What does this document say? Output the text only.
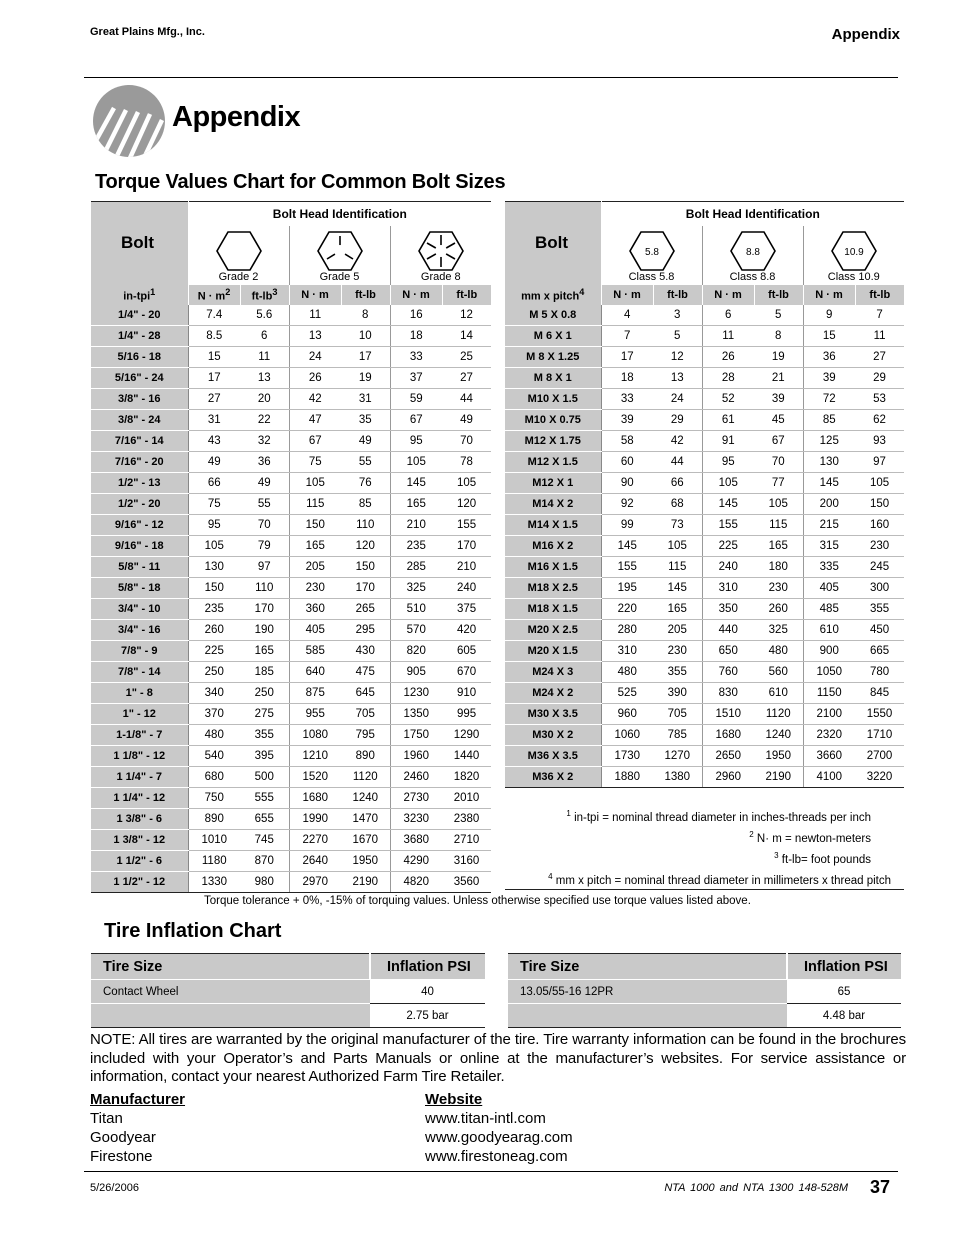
Great Plains Mfg., Inc.	Appendix
Appendix
Torque Values Chart for Common Bolt Sizes
Bolt	Bolt Head Identification					

	Grade 2		Grade 5		Grade 8	

in-tpi$^1$	$N \cdot m^2$	$ft-lb^3$	N · m	ft-lb	N · m	ft-lb
1/4" - 20	7.4	5.6	11	8	16	12
1/4" - 28	8.5	6	13	10	18	14
5/16 - 18	15	11	24	17	33	25
5/16" - 24	17	13	26	19	37	27
3/8" - 16	27	20	42	31	59	44
3/8" - 24	31	22	47	35	67	49
7/16" - 14	43	32	67	49	95	70
7/16" - 20	49	36	75	55	105	78
1/2" - 13	66	49	105	76	145	105
1/2" - 20	75	55	115	85	165	120
9/16" - 12	95	70	150	110	210	155
9/16" - 18	105	79	165	120	235	170
5/8" - 11	130	97	205	150	285	210
5/8" - 18	150	110	230	170	325	240
3/4" - 10	235	170	360	265	510	375
3/4" - 16	260	190	405	295	570	420
7/8" - 9	225	165	585	430	820	605
7/8" - 14	250	185	640	475	905	670
1" - 8	340	250	875	645	1230	910
1" - 12	370	275	955	705	1350	995
1-1/8" - 7	480	355	1080	795	1750	1290
1 1/8" - 12	540	395	1210	890	1960	1440
1 1/4" - 7	680	500	1520	1120	2460	1820
1 1/4" - 12	750	555	1680	1240	2730	2010
1 3/8" - 6	890	655	1990	1470	3230	2380
1 3/8" - 12	1010	745	2270	1670	3680	2710
1 1/2" - 6	1180	870	2640	1950	4290	3160
1 1/2" - 12	1330	980	2970	2190	4820	3560
Bolt	Bolt Head Identification					

5.8
Class 5.8		8.8
Class 8.8		10.9
Class 10.9	

mm x pitch$^4$	N · m	ft-lb	N · m	ft-lb	N · m	ft-lb
M 5 X 0.8	4	3	6	5	9	7
M 6 X 1	7	5	11	8	15	11
M 8 X 1.25	17	12	26	19	36	27
M 8 X 1	18	13	28	21	39	29
M10 X 1.5	33	24	52	39	72	53
M10 X 0.75	39	29	61	45	85	62
M12 X 1.75	58	42	91	67	125	93
M12 X 1.5	60	44	95	70	130	97
M12 X 1	90	66	105	77	145	105
M14 X 2	92	68	145	105	200	150
M14 X 1.5	99	73	155	115	215	160
M16 X 2	145	105	225	165	315	230
M16 X 1.5	155	115	240	180	335	245
M18 X 2.5	195	145	310	230	405	300
M18 X 1.5	220	165	350	260	485	355
M20 X 2.5	280	205	440	325	610	450
M20 X 1.5	310	230	650	480	900	665
M24 X 3	480	355	760	560	1050	780
M24 X 2	525	390	830	610	1150	845
M30 X 3.5	960	705	1510	1120	2100	1550
M30 X 2	1060	785	1680	1240	2320	1710
M36 X 3.5	1730	1270	2650	1950	3660	2700
M36 X 2	1880	1380	2960	2190	4100	3220
$^1$ in-tpi = nominal thread diameter in inches-threads per inch
$^2$ N· m = newton-meters
$^3$ ft-lb= foot pounds
$^4$ mm x pitch = nominal thread diameter in millimeters x thread pitch
Torque tolerance + 0%, -15% of torquing values. Unless otherwise specified use torque values listed above.
Tire Inflation Chart
Tire Size	Inflation PSI
Contact Wheel	40
	2.75 bar
Tire Size	Inflation PSI
13.05/55-16 12PR	65
	4.48 bar
NOTE: All tires are warranted by the original manufacturer of the tire. Tire warranty information can be found in the brochures included with your Operator’s and Parts Manuals or online at the manufacturer’s websites. For service assistance or information, contact your nearest Authorized Farm Tire Retailer.
Manufacturer	Website
Titan	www.titan-intl.com
Goodyear	www.goodyearag.com
Firestone	www.firestoneag.com
5/26/2006	NTA 1000 and NTA 1300 148-528M 37
